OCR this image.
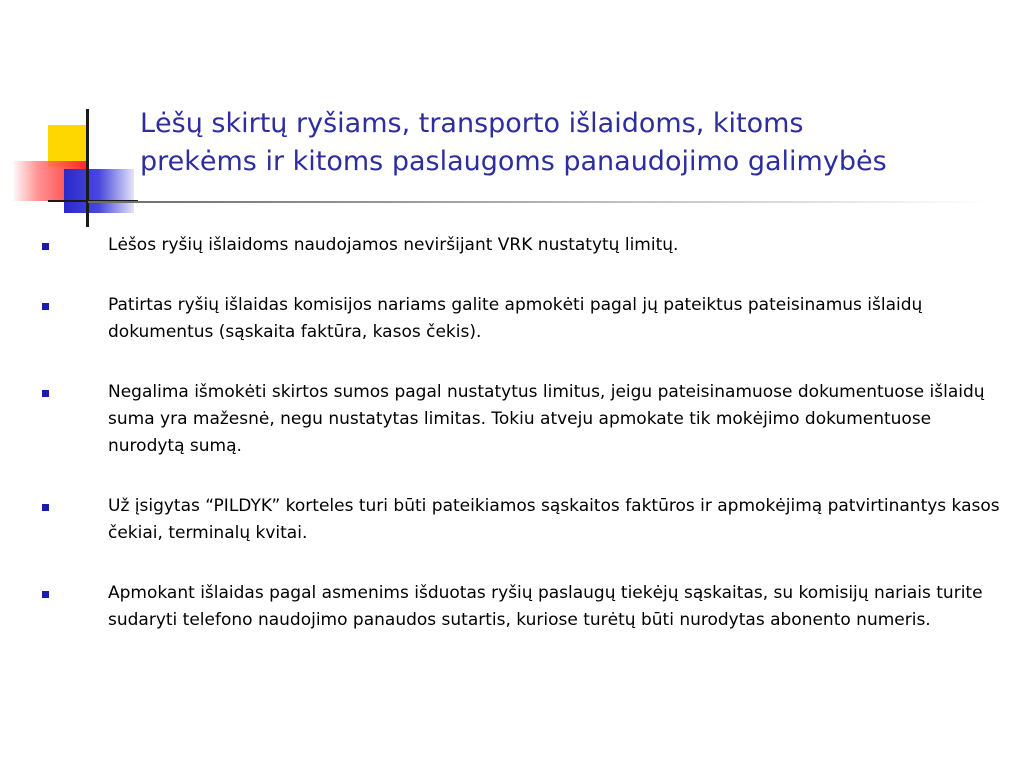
Lėšų skirtų ryšiams, transporto išlaidoms, kitoms
prekėms ir kitoms paslaugoms panaudojimo galimybės
Lėšos ryšių išlaidoms naudojamos neviršijant VRK nustatytų limitų.
Patirtas ryšių išlaidas komisijos nariams galite apmokėti pagal jų pateiktus pateisinamus išlaidų dokumentus (sąskaita faktūra, kasos čekis).
Negalima išmokėti skirtos sumos pagal nustatytus limitus, jeigu pateisinamuose dokumentuose išlaidų suma yra mažesnė, negu nustatytas limitas. Tokiu atveju apmokate tik mokėjimo dokumentuose nurodytą sumą.
Už įsigytas “PILDYK” korteles turi būti pateikiamos sąskaitos faktūros ir apmokėjimą patvirtinantys kasos čekiai, terminalų kvitai.
Apmokant išlaidas pagal asmenims išduotas ryšių paslaugų tiekėjų sąskaitas, su komisijų nariais turite sudaryti telefono naudojimo panaudos sutartis, kuriose turėtų būti nurodytas abonento numeris.
